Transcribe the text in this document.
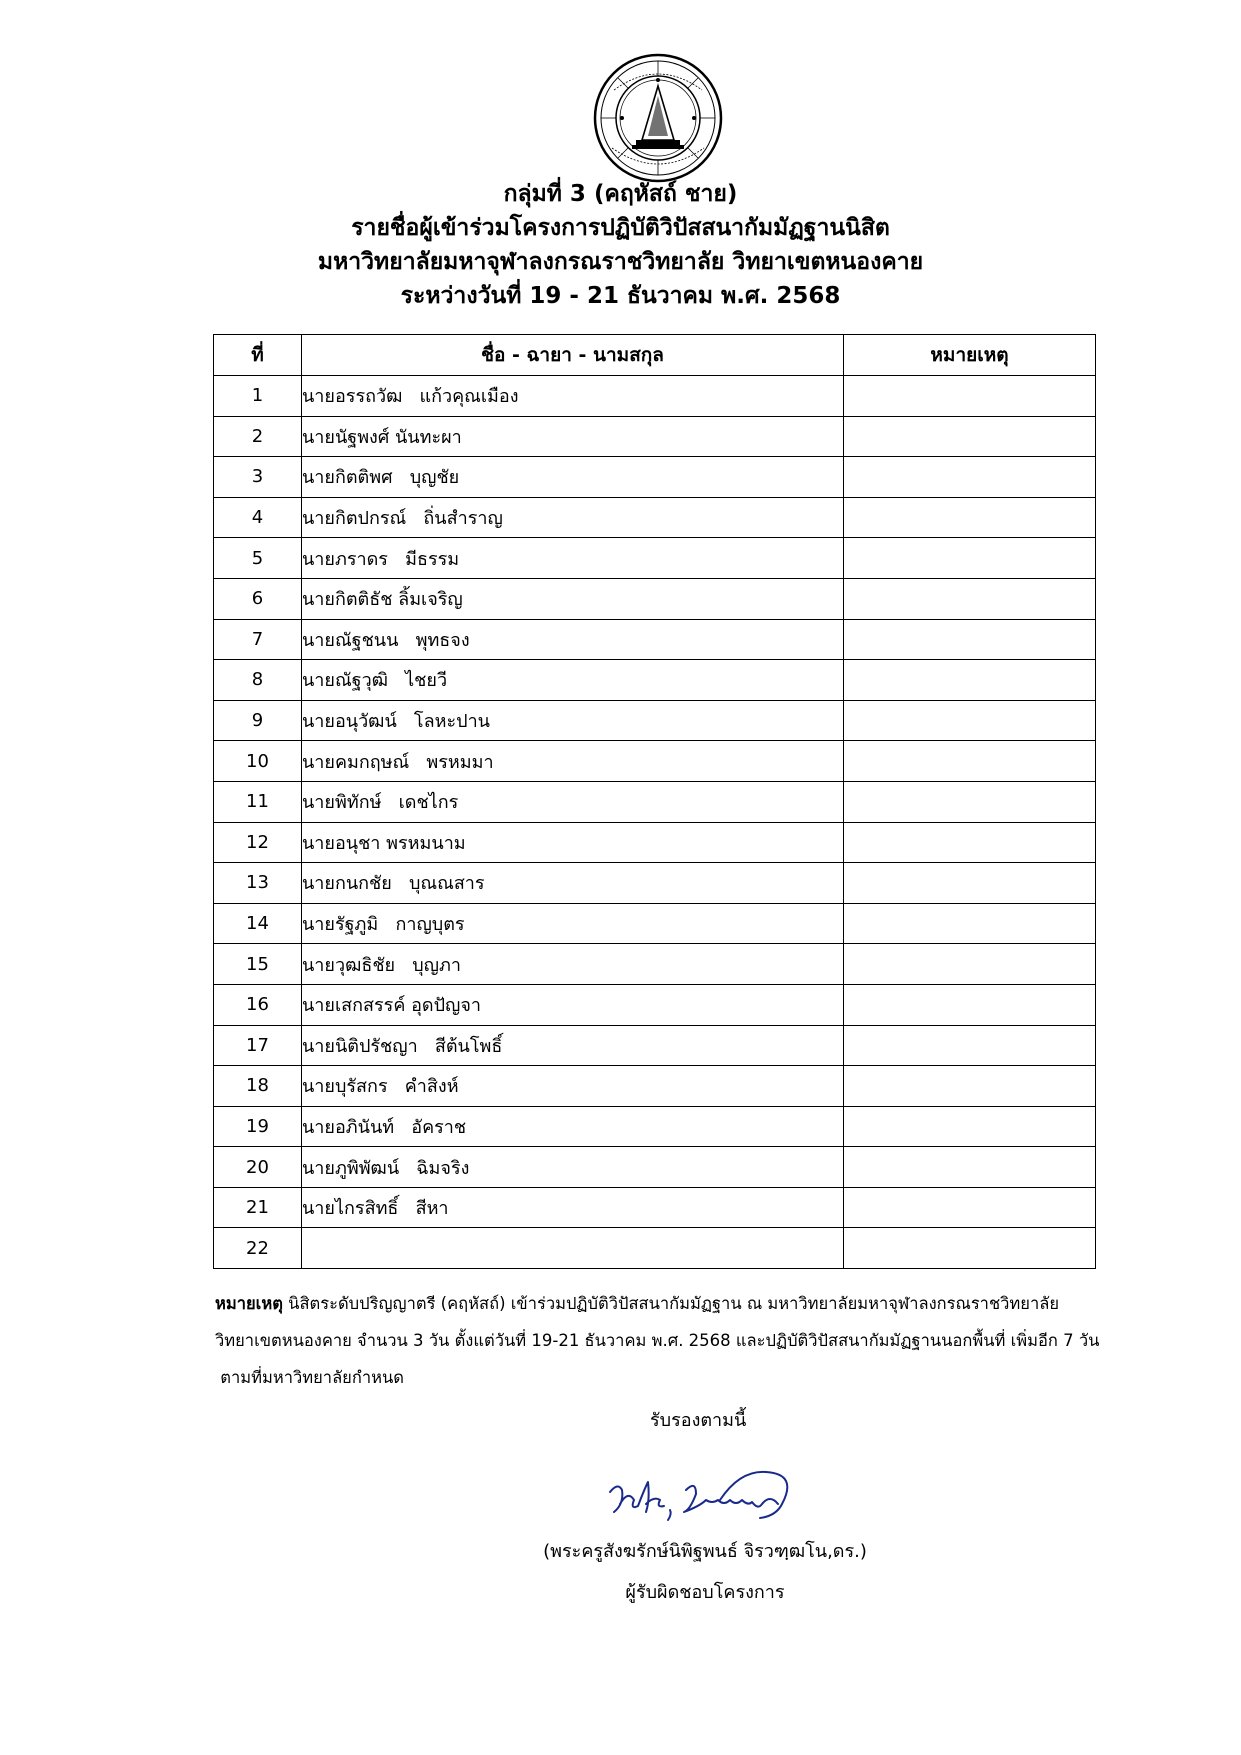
กลุ่มที่ 3 (คฤหัสถ์ ชาย)
รายชื่อผู้เข้าร่วมโครงการปฏิบัติวิปัสสนากัมมัฏฐานนิสิต
มหาวิทยาลัยมหาจุฬาลงกรณราชวิทยาลัย วิทยาเขตหนองคาย
ระหว่างวันที่ 19 - 21 ธันวาคม พ.ศ. 2568
ที่	ชื่อ - ฉายา - นามสกุล	หมายเหตุ
1	นายอรรถวัฒ   แก้วคุณเมือง	
2	นายนัฐพงศ์ นันทะผา	
3	นายกิตติพศ   บุญชัย	
4	นายกิตปกรณ์   ถิ่นสำราญ	
5	นายภราดร   มีธรรม	
6	นายกิตติธัช ลิ้มเจริญ	
7	นายณัฐชนน   พุทธจง	
8	นายณัฐวุฒิ   ไชยวี	
9	นายอนุวัฒน์   โลหะปาน	
10	นายคมกฤษณ์   พรหมมา	
11	นายพิทักษ์   เดชไกร	
12	นายอนุชา พรหมนาม	
13	นายกนกชัย   บุณณสาร	
14	นายรัฐภูมิ   กาญบุตร	
15	นายวุฒธิชัย   บุญภา	
16	นายเสกสรรค์ อุดปัญจา	
17	นายนิติปรัชญา   สีต้นโพธิ์	
18	นายบุรัสกร   คำสิงห์	
19	นายอภินันท์   อัคราช	
20	นายภูพิพัฒน์   ฉิมจริง	
21	นายไกรสิทธิ์   สีหา	
22		
หมายเหตุ นิสิตระดับปริญญาตรี (คฤหัสถ์) เข้าร่วมปฏิบัติวิปัสสนากัมมัฏฐาน ณ มหาวิทยาลัยมหาจุฬาลงกรณราชวิทยาลัย
วิทยาเขตหนองคาย จำนวน 3 วัน ตั้งแต่วันที่ 19-21 ธันวาคม พ.ศ. 2568 และปฏิบัติวิปัสสนากัมมัฏฐานนอกพื้นที่ เพิ่มอีก 7 วัน
ตามที่มหาวิทยาลัยกำหนด
รับรองตามนี้
(พระครูสังฆรักษ์นิพิฐพนธ์ จิรวฑฺฒโน,ดร.)
ผู้รับผิดชอบโครงการ
